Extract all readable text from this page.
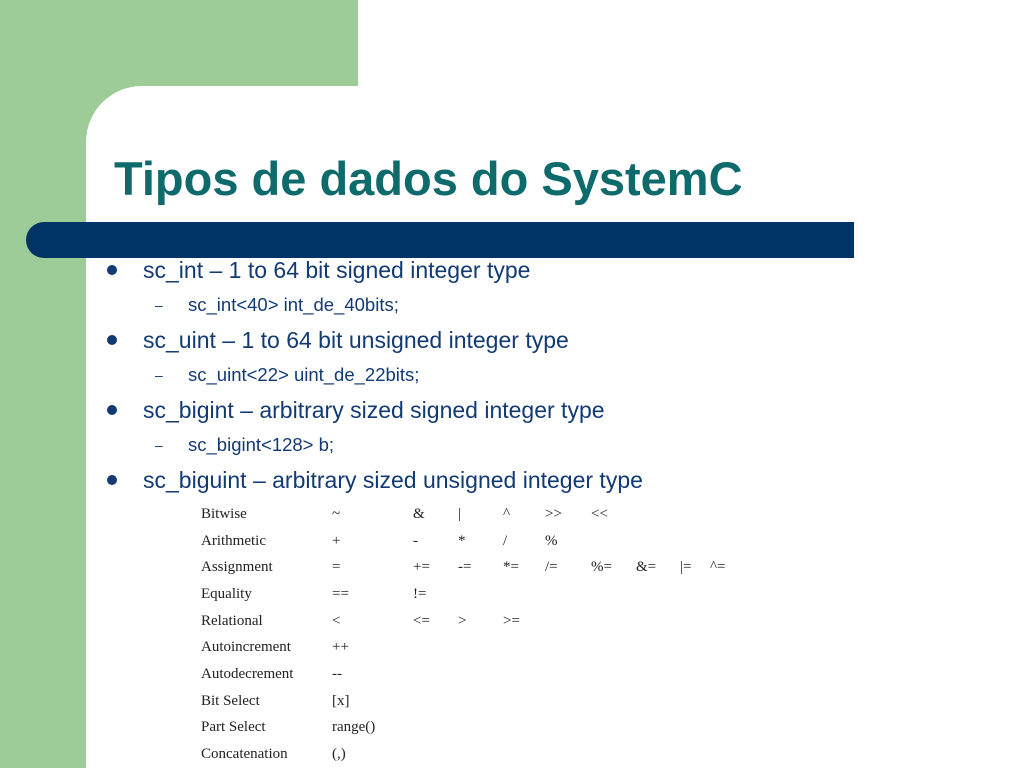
Tipos de dados do SystemC
sc_int – 1 to 64 bit signed integer type
– sc_int<40> int_de_40bits;
sc_uint – 1 to 64 bit unsigned integer type
– sc_uint<22> uint_de_22bits;
sc_bigint – arbitrary sized signed integer type
– sc_bigint<128> b;
sc_biguint – arbitrary sized unsigned integer type
Bitwise	~	&	|	^	>>	<<			
Arithmetic	+	-	*	/	%				
Assignment	=	+=	-=	*=	/=	%=	&=	|=	^=
Equality	==	!=							
Relational	<	<=	>	>=					
Autoincrement	++								
Autodecrement	--								
Bit Select	[x]								
Part Select	range()								
Concatenation	(,)								
